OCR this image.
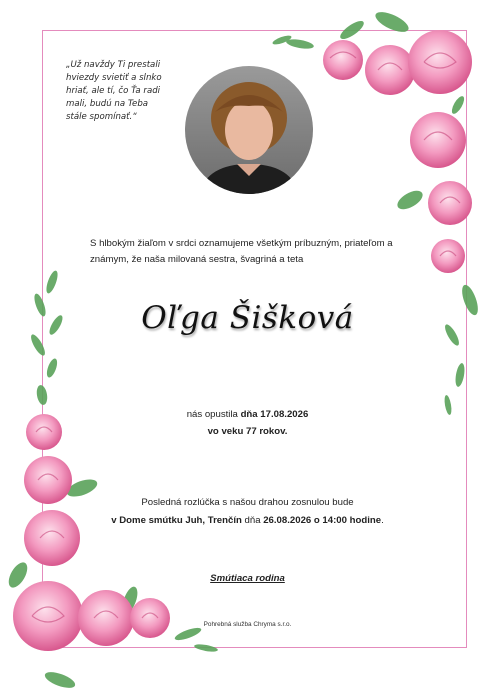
„Už navždy Ti prestali
hviezdy svietiť a slnko
hriať, ale tí, čo Ťa radi
mali, budú na Teba
stále spomínať.“
S hlbokým žiaľom v srdci oznamujeme všetkým príbuzným, priateľom a známym, že naša milovaná sestra, švagriná a teta
Oľga Šišková
nás opustila dňa 17.08.2026
vo veku 77 rokov.
Posledná rozlúčka s našou drahou zosnulou bude
v Dome smútku Juh, Trenčín dňa 26.08.2026 o 14:00 hodine.
Smútiaca rodina
Pohrebná služba Chryma s.r.o.
